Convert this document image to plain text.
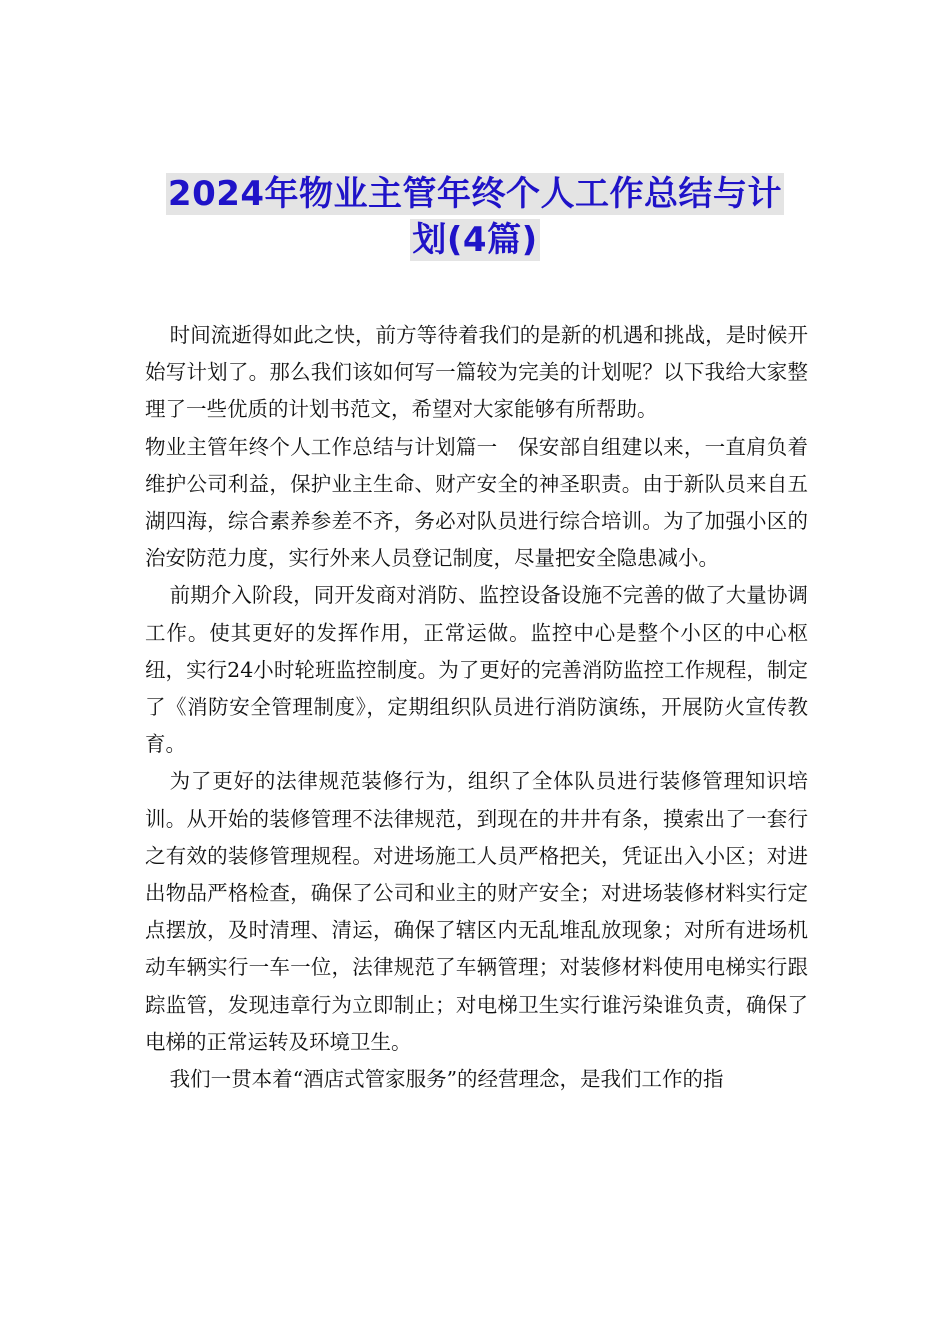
2024年物业主管年终个人工作总结与计
划(4篇)

时间流逝得如此之快，前方等待着我们的是新的机遇和挑战，是时候开始写计划了。那么我们该如何写一篇较为完美的计划呢？以下我给大家整理了一些优质的计划书范文，希望对大家能够有所帮助。

物业主管年终个人工作总结与计划篇一　保安部自组建以来，一直肩负着维护公司利益，保护业主生命、财产安全的神圣职责。由于新队员来自五湖四海，综合素养参差不齐，务必对队员进行综合培训。为了加强小区的治安防范力度，实行外来人员登记制度，尽量把安全隐患减小。

前期介入阶段，同开发商对消防、监控设备设施不完善的做了大量协调工作。使其更好的发挥作用，正常运做。监控中心是整个小区的中心枢纽，实行24小时轮班监控制度。为了更好的完善消防监控工作规程，制定了《消防安全管理制度》，定期组织队员进行消防演练，开展防火宣传教育。

为了更好的法律规范装修行为，组织了全体队员进行装修管理知识培训。从开始的装修管理不法律规范，到现在的井井有条，摸索出了一套行之有效的装修管理规程。对进场施工人员严格把关，凭证出入小区；对进出物品严格检查，确保了公司和业主的财产安全；对进场装修材料实行定点摆放，及时清理、清运，确保了辖区内无乱堆乱放现象；对所有进场机动车辆实行一车一位，法律规范了车辆管理；对装修材料使用电梯实行跟踪监管，发现违章行为立即制止；对电梯卫生实行谁污染谁负责，确保了电梯的正常运转及环境卫生。

我们一贯本着“酒店式管家服务”的经营理念，是我们工作的指
